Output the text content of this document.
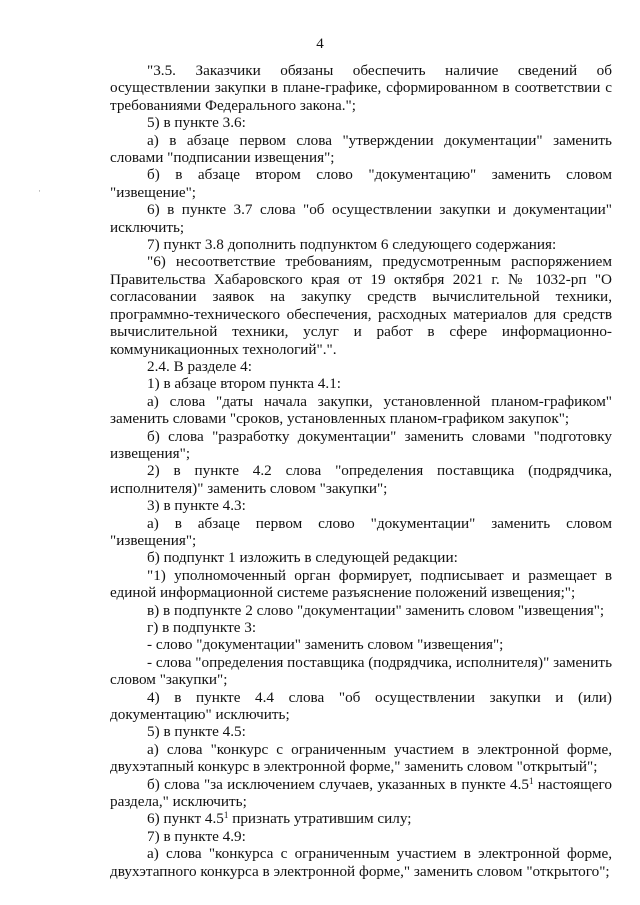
4
·

"3.5. Заказчики обязаны обеспечить наличие сведений об осуществлении закупки в плане-графике, сформированном в соответствии с требованиями Федерального закона.";

5) в пункте 3.6:

а) в абзаце первом слова "утверждении документации" заменить словами "подписании извещения";

б) в абзаце втором слово "документацию" заменить словом "извещение";

6) в пункте 3.7 слова "об осуществлении закупки и документации" исключить;

7) пункт 3.8 дополнить подпунктом 6 следующего содержания:

"6) несоответствие требованиям, предусмотренным распоряжением Правительства Хабаровского края от 19 октября 2021 г. № 1032-рп "О согласовании заявок на закупку средств вычислительной техники, программно-технического обеспечения, расходных материалов для средств вычислительной техники, услуг и работ в сфере информационно-коммуникационных технологий".".

2.4. В разделе 4:

1) в абзаце втором пункта 4.1:

а) слова "даты начала закупки, установленной планом-графиком" заменить словами "сроков, установленных планом-графиком закупок";

б) слова "разработку документации" заменить словами "подготовку извещения";

2) в пункте 4.2 слова "определения поставщика (подрядчика, исполнителя)" заменить словом "закупки";

3) в пункте 4.3:

а) в абзаце первом слово "документации" заменить словом "извещения";

б) подпункт 1 изложить в следующей редакции:

"1) уполномоченный орган формирует, подписывает и размещает в единой информационной системе разъяснение положений извещения;";

в) в подпункте 2 слово "документации" заменить словом "извещения";

г) в подпункте 3:

- слово "документации" заменить словом "извещения";

- слова "определения поставщика (подрядчика, исполнителя)" заменить словом "закупки";

4) в пункте 4.4 слова "об осуществлении закупки и (или) документацию" исключить;

5) в пункте 4.5:

а) слова "конкурс с ограниченным участием в электронной форме, двухэтапный конкурс в электронной форме," заменить словом "открытый";

б) слова "за исключением случаев, указанных в пункте $4.5^1$ настоящего раздела," исключить;

6) пункт $4.5^1$ признать утратившим силу;

7) в пункте 4.9:

а) слова "конкурса с ограниченным участием в электронной форме, двухэтапного конкурса в электронной форме," заменить словом "открытого";
